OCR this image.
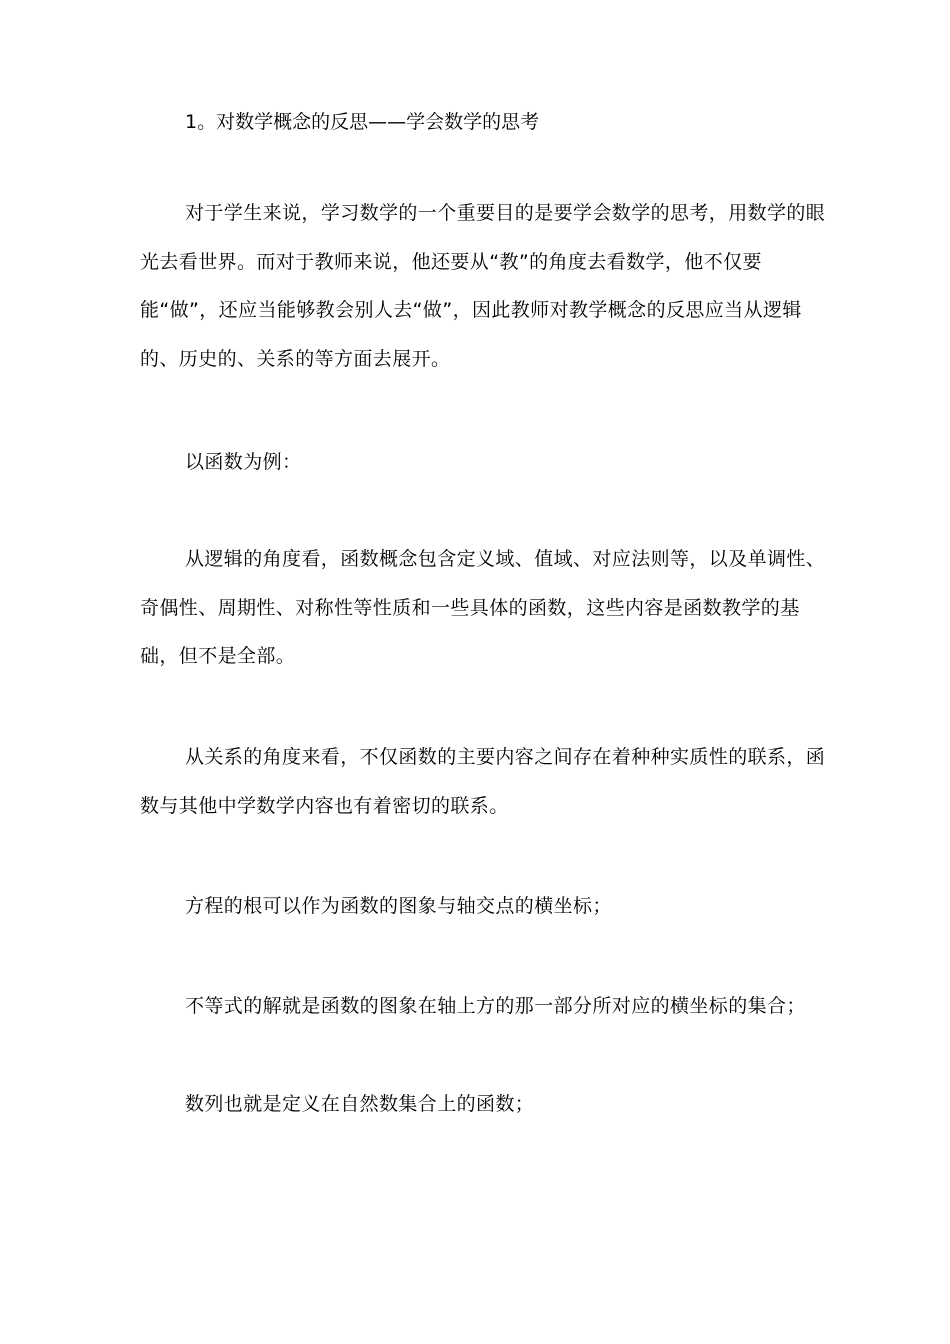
1。对数学概念的反思——学会数学的思考

对于学生来说，学习数学的一个重要目的是要学会数学的思考，用数学的眼光去看世界。而对于教师来说，他还要从“教”的角度去看数学，他不仅要能“做”，还应当能够教会别人去“做”，因此教师对教学概念的反思应当从逻辑的、历史的、关系的等方面去展开。

以函数为例：

从逻辑的角度看，函数概念包含定义域、值域、对应法则等，以及单调性、奇偶性、周期性、对称性等性质和一些具体的函数，这些内容是函数教学的基础，但不是全部。

从关系的角度来看，不仅函数的主要内容之间存在着种种实质性的联系，函数与其他中学数学内容也有着密切的联系。

方程的根可以作为函数的图象与轴交点的横坐标；

不等式的解就是函数的图象在轴上方的那一部分所对应的横坐标的集合；

数列也就是定义在自然数集合上的函数；
